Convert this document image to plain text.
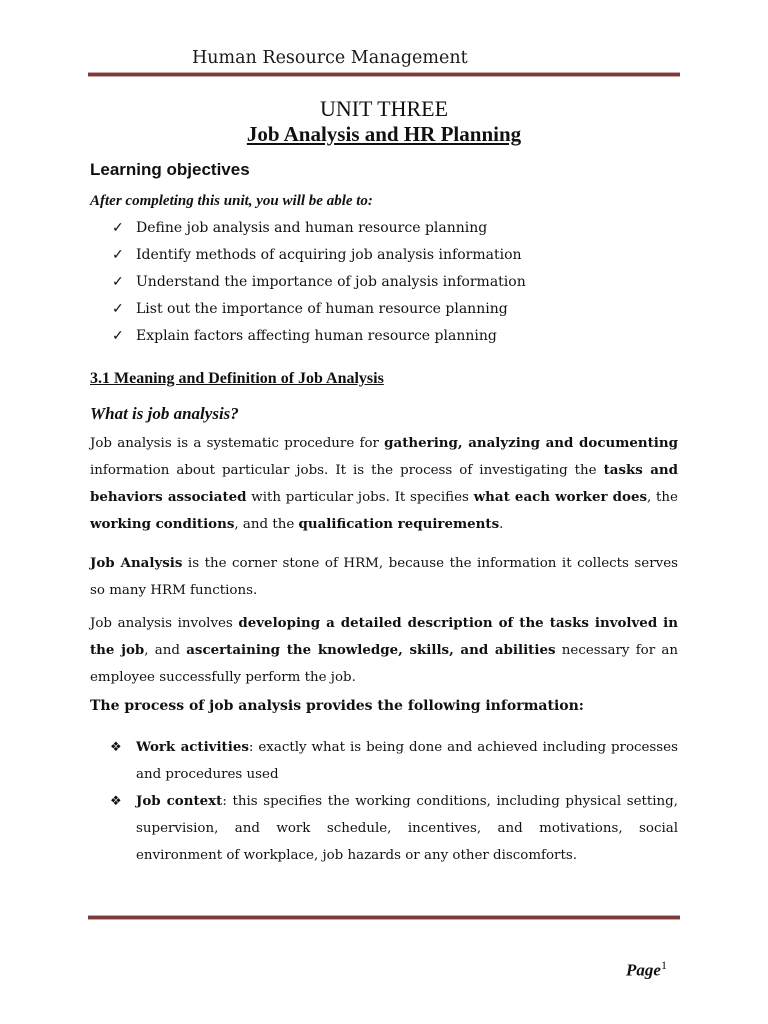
Human Resource Management
UNIT THREE
Job Analysis and HR Planning
Learning objectives
After completing this unit, you will be able to:
✓ Define job analysis and human resource planning
✓ Identify methods of acquiring job analysis information
✓ Understand the importance of job analysis information
✓ List out the importance of human resource planning
✓ Explain factors affecting human resource planning
3.1 Meaning and Definition of Job Analysis
What is job analysis?
Job analysis is a systematic procedure for gathering, analyzing and documenting information about particular jobs. It is the process of investigating the tasks and behaviors associated with particular jobs. It specifies what each worker does, the working conditions, and the qualification requirements.
Job Analysis is the corner stone of HRM, because the information it collects serves so many HRM functions.
Job analysis involves developing a detailed description of the tasks involved in the job, and ascertaining the knowledge, skills, and abilities necessary for an employee successfully perform the job.
The process of job analysis provides the following information:
❖ Work activities: exactly what is being done and achieved including processes and procedures used
❖ Job context: this specifies the working conditions, including physical setting, supervision, and work schedule, incentives, and motivations, social environment of workplace, job hazards or any other discomforts.
Page$^1$
